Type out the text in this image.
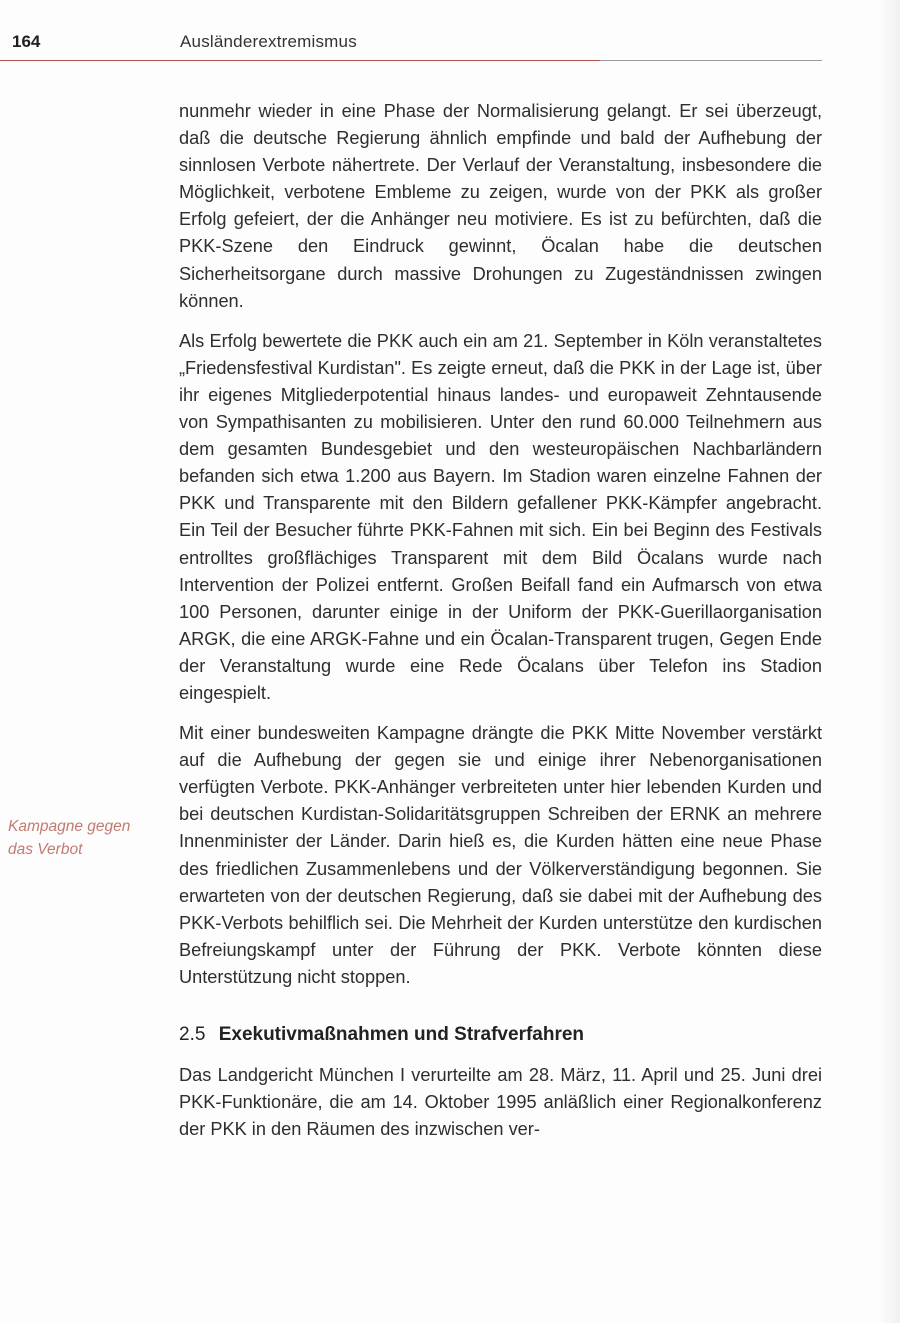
164	Ausländerextremismus
Kampagne gegen
das Verbot

nunmehr wieder in eine Phase der Normalisierung gelangt. Er sei überzeugt, daß die deutsche Regierung ähnlich empfinde und bald der Aufhebung der sinnlosen Verbote nähertrete. Der Verlauf der Veranstaltung, insbesondere die Möglichkeit, verbotene Embleme zu zeigen, wurde von der PKK als großer Erfolg gefeiert, der die Anhänger neu motiviere. Es ist zu befürchten, daß die PKK-Szene den Eindruck gewinnt, Öcalan habe die deutschen Sicherheitsorgane durch massive Drohungen zu Zugeständnissen zwingen können.

Als Erfolg bewertete die PKK auch ein am 21. September in Köln veranstaltetes „Friedensfestival Kurdistan". Es zeigte erneut, daß die PKK in der Lage ist, über ihr eigenes Mitgliederpotential hinaus landes- und europaweit Zehntausende von Sympathisanten zu mobilisieren. Unter den rund 60.000 Teilnehmern aus dem gesamten Bundesgebiet und den westeuropäischen Nachbarländern befanden sich etwa 1.200 aus Bayern. Im Stadion waren einzelne Fahnen der PKK und Transparente mit den Bildern gefallener PKK-Kämpfer angebracht. Ein Teil der Besucher führte PKK-Fahnen mit sich. Ein bei Beginn des Festivals entrolltes großflächiges Transparent mit dem Bild Öcalans wurde nach Intervention der Polizei entfernt. Großen Beifall fand ein Aufmarsch von etwa 100 Personen, darunter einige in der Uniform der PKK-Guerillaorganisation ARGK, die eine ARGK-Fahne und ein Öcalan-Transparent trugen, Gegen Ende der Veranstaltung wurde eine Rede Öcalans über Telefon ins Stadion eingespielt.

Mit einer bundesweiten Kampagne drängte die PKK Mitte November verstärkt auf die Aufhebung der gegen sie und einige ihrer Nebenorganisationen verfügten Verbote. PKK-Anhänger verbreiteten unter hier lebenden Kurden und bei deutschen Kurdistan-Solidaritätsgruppen Schreiben der ERNK an mehrere Innenminister der Länder. Darin hieß es, die Kurden hätten eine neue Phase des friedlichen Zusammenlebens und der Völkerverständigung begonnen. Sie erwarteten von der deutschen Regierung, daß sie dabei mit der Aufhebung des PKK-Verbots behilflich sei. Die Mehrheit der Kurden unterstütze den kurdischen Befreiungskampf unter der Führung der PKK. Verbote könnten diese Unterstützung nicht stoppen.

2.5 Exekutivmaßnahmen und Strafverfahren

Das Landgericht München I verurteilte am 28. März, 11. April und 25. Juni drei PKK-Funktionäre, die am 14. Oktober 1995 anläßlich einer Regionalkonferenz der PKK in den Räumen des inzwischen ver-
